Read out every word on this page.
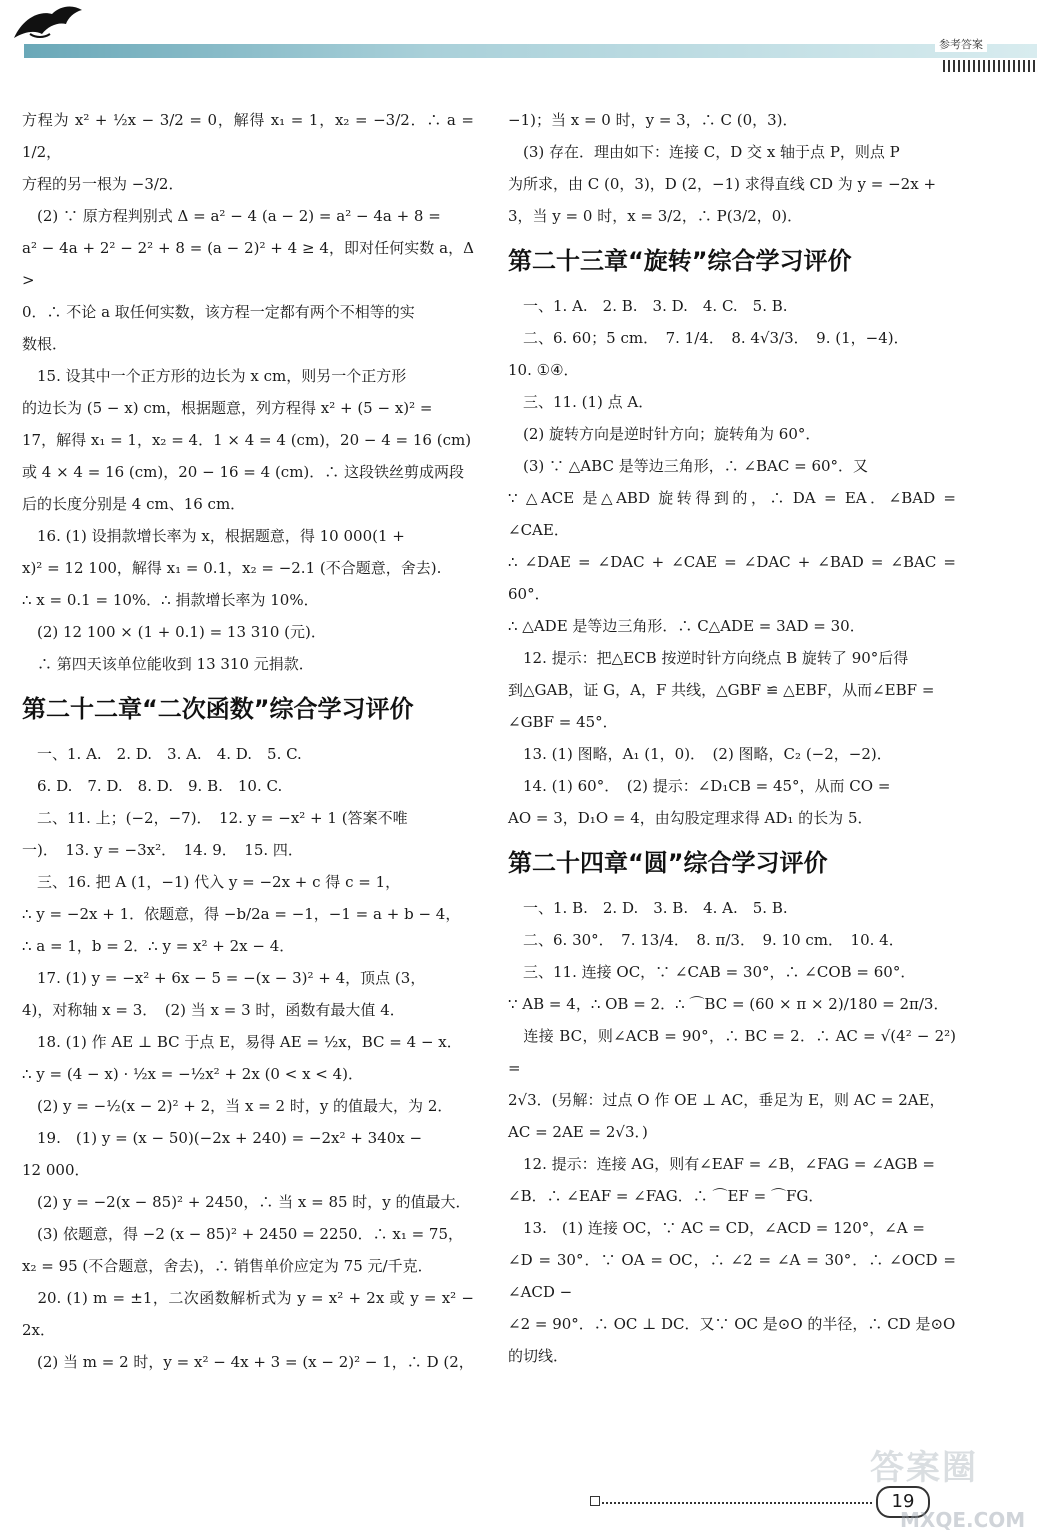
参考答案
方程为 x² + ½x − 3/2 = 0，解得 x₁ = 1，x₂ = −3/2．∴ a = 1/2，
方程的另一根为 −3/2．
　(2) ∵ 原方程判别式 Δ = a² − 4 (a − 2) = a² − 4a + 8 =
a² − 4a + 2² − 2² + 8 = (a − 2)² + 4 ≥ 4，即对任何实数 a，Δ >
0．∴ 不论 a 取任何实数，该方程一定都有两个不相等的实
数根．
　15. 设其中一个正方形的边长为 x cm，则另一个正方形
的边长为 (5 − x) cm，根据题意，列方程得 x² + (5 − x)² =
17，解得 x₁ = 1，x₂ = 4．1 × 4 = 4 (cm)，20 − 4 = 16 (cm)
或 4 × 4 = 16 (cm)，20 − 16 = 4 (cm)．∴ 这段铁丝剪成两段
后的长度分别是 4 cm、16 cm．
　16. (1) 设捐款增长率为 x，根据题意，得 10 000(1 +
x)² = 12 100，解得 x₁ = 0.1，x₂ = −2.1 (不合题意，舍去).
∴ x = 0.1 = 10%．∴ 捐款增长率为 10%．
　(2) 12 100 × (1 + 0.1) = 13 310 (元)．
　∴ 第四天该单位能收到 13 310 元捐款．
第二十二章“二次函数”综合学习评价
　一、1. A.　2. D.　3. A.　4. D.　5. C.
　6. D.　7. D.　8. D.　9. B.　10. C.
　二、11. 上；(−2，−7)．　12. y = −x² + 1 (答案不唯
一)．　13. y = −3x²．　14. 9．　15. 四．
　三、16. 把 A (1，−1) 代入 y = −2x + c 得 c = 1，
∴ y = −2x + 1．依题意，得 −b/2a = −1，−1 = a + b − 4，
∴ a = 1，b = 2．∴ y = x² + 2x − 4．
　17. (1) y = −x² + 6x − 5 = −(x − 3)² + 4，顶点 (3，
4)，对称轴 x = 3．　(2) 当 x = 3 时，函数有最大值 4．
　18. (1) 作 AE ⊥ BC 于点 E，易得 AE = ½x，BC = 4 − x．
∴ y = (4 − x) · ½x = −½x² + 2x (0 < x < 4)．
　(2) y = −½(x − 2)² + 2，当 x = 2 时，y 的值最大，为 2．
　19.　(1) y = (x − 50)(−2x + 240) = −2x² + 340x −
12 000．
　(2) y = −2(x − 85)² + 2450，∴ 当 x = 85 时，y 的值最大．
　(3) 依题意，得 −2 (x − 85)² + 2450 = 2250．∴ x₁ = 75，
x₂ = 95 (不合题意，舍去)，∴ 销售单价应定为 75 元/千克．
　20. (1) m = ±1，二次函数解析式为 y = x² + 2x 或 y = x² − 2x．
　(2) 当 m = 2 时，y = x² − 4x + 3 = (x − 2)² − 1，∴ D (2，
−1)；当 x = 0 时，y = 3，∴ C (0，3)．
　(3) 存在．理由如下：连接 C，D 交 x 轴于点 P，则点 P
为所求，由 C (0，3)，D (2，−1) 求得直线 CD 为 y = −2x +
3，当 y = 0 时，x = 3/2，∴ P(3/2，0)．
第二十三章“旋转”综合学习评价
　一、1. A.　2. B.　3. D.　4. C.　5. B.
　二、6. 60；5 cm．　7. 1/4．　8. 4√3/3．　9. (1，−4)．
10. ①④．
　三、11. (1) 点 A．
　(2) 旋转方向是逆时针方向；旋转角为 60°．
　(3) ∵ △ABC 是等边三角形，∴ ∠BAC = 60°．又
∵ △ACE 是△ABD 旋转得到的，∴ DA = EA．∠BAD = ∠CAE．
∴ ∠DAE = ∠DAC + ∠CAE = ∠DAC + ∠BAD = ∠BAC = 60°．
∴ △ADE 是等边三角形．∴ C△ADE = 3AD = 30．
　12. 提示：把△ECB 按逆时针方向绕点 B 旋转了 90°后得
到△GAB，证 G，A，F 共线，△GBF ≌ △EBF，从而∠EBF =
∠GBF = 45°．
　13. (1) 图略，A₁ (1，0)．　(2) 图略，C₂ (−2，−2)．
　14. (1) 60°．　(2) 提示：∠D₁CB = 45°，从而 CO =
AO = 3，D₁O = 4，由勾股定理求得 AD₁ 的长为 5．
第二十四章“圆”综合学习评价
　一、1. B.　2. D.　3. B.　4. A.　5. B.
　二、6. 30°．　7. 13/4．　8. π/3．　9. 10 cm．　10. 4．
　三、11. 连接 OC，∵ ∠CAB = 30°，∴ ∠COB = 60°．
∵ AB = 4，∴ OB = 2．∴ ⌒BC = (60 × π × 2)/180 = 2π/3．
　连接 BC，则∠ACB = 90°，∴ BC = 2．∴ AC = √(4² − 2²) =
2√3．(另解：过点 O 作 OE ⊥ AC，垂足为 E，则 AC = 2AE，
AC = 2AE = 2√3．)
　12. 提示：连接 AG，则有∠EAF = ∠B，∠FAG = ∠AGB =
∠B．∴ ∠EAF = ∠FAG．∴ ⌒EF = ⌒FG．
　13.　(1) 连接 OC，∵ AC = CD，∠ACD = 120°，∠A =
∠D = 30°．∵ OA = OC，∴ ∠2 = ∠A = 30°．∴ ∠OCD = ∠ACD −
∠2 = 90°．∴ OC ⊥ DC．又∵ OC 是⊙O 的半径，∴ CD 是⊙O
的切线．
19
答案圈
MXQE.COM
